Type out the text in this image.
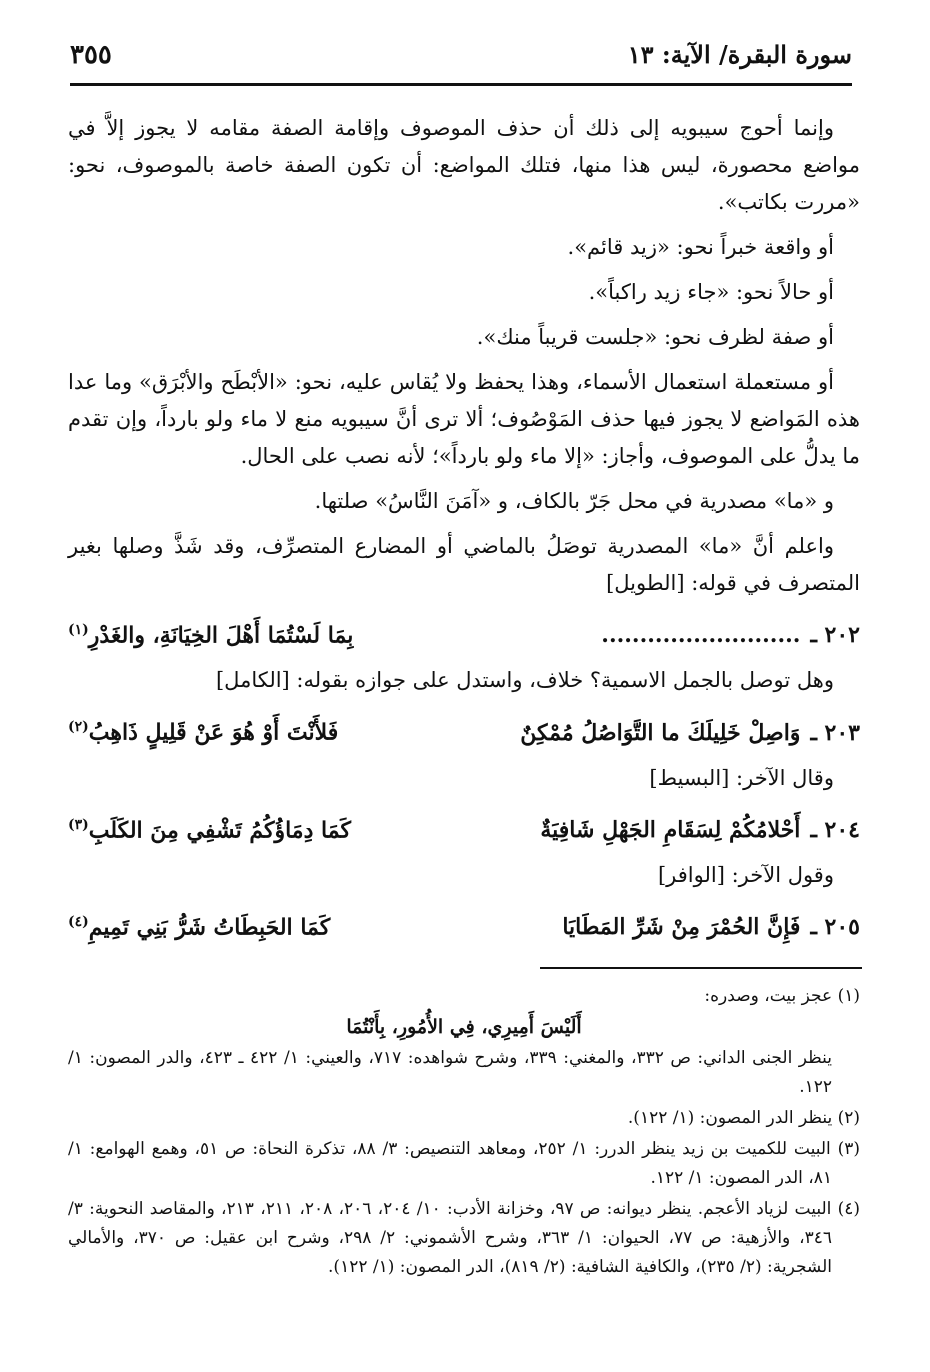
سورة البقرة/ الآية: ١٣
٣٥٥

وإنما أحوج سيبويه إلى ذلك أن حذف الموصوف وإقامة الصفة مقامه لا يجوز إلاَّ في مواضع محصورة، ليس هذا منها، فتلك المواضع: أن تكون الصفة خاصة بالموصوف، نحو: «مررت بكاتب».

أو واقعة خبراً نحو: «زيد قائم».

أو حالاً نحو: «جاء زيد راكباً».

أو صفة لظرف نحو: «جلست قريباً منك».

أو مستعملة استعمال الأسماء، وهذا يحفظ ولا يُقاس عليه، نحو: «الأبْطَح والأبْرَق» وما عدا هذه المَواضع لا يجوز فيها حذف المَوْصُوف؛ ألا ترى أنَّ سيبويه منع لا ماء ولو بارداً، وإن تقدم ما يدلُّ على الموصوف، وأجاز: «إلا ماء ولو بارداً»؛ لأنه نصب على الحال.

و «ما» مصدرية في محل جَرّ بالكاف، و «آمَنَ النَّاسُ» صلتها.

واعلم أنَّ «ما» المصدرية توصَلُ بالماضي أو المضارع المتصرِّف، وقد شَذَّ وصلها بغير المتصرف في قوله: [الطويل]

٢٠٢ ـ
..........................
بِمَا لَسْتُمَا أَهْلَ الخِيَانَةِ، والغَدْرِ$^{(١)}$

وهل توصل بالجمل الاسمية؟ خلاف، واستدل على جوازه بقوله: [الكامل]

٢٠٣ ـ
وَاصِلْ خَلِيلَكَ ما التَّوَاصُلُ مُمْكِنٌ
فَلأَنْتَ أَوْ هُوَ عَنْ قَلِيلٍ ذَاهِبُ$^{(٢)}$

وقال الآخر: [البسيط]

٢٠٤ ـ
أَحْلامُكُمْ لِسَقَامِ الجَهْلِ شَافِيَةٌ
كَمَا دِمَاؤُكُمُ تَشْفِي مِنَ الكَلَبِ$^{(٣)}$

وقول الآخر: [الوافر]

٢٠٥ ـ
فَإِنَّ الحُمْرَ مِنْ شَرِّ المَطَايَا
كَمَا الحَبِطَاتُ شَرُّ بَنِي تَمِيمِ$^{(٤)}$

(١) عجز بيت، وصدره:

أَلَيْسَ أَمِيرِي، فِي الأُمُورِ، بِأَنْتُمَا

ينظر الجنى الداني: ص ٣٣٢، والمغني: ٣٣٩، وشرح شواهده: ٧١٧، والعيني: ١/ ٤٢٢ ـ ٤٢٣، والدر المصون: ١/ ١٢٢.

(٢) ينظر الدر المصون: (١/ ١٢٢).

(٣) البيت للكميت بن زيد ينظر الدرر: ١/ ٢٥٢، ومعاهد التنصيص: ٣/ ٨٨، تذكرة النحاة: ص ٥١، وهمع الهوامع: ١/ ٨١، الدر المصون: ١/ ١٢٢.

(٤) البيت لزياد الأعجم. ينظر ديوانه: ص ٩٧، وخزانة الأدب: ١٠/ ٢٠٤، ٢٠٦، ٢٠٨، ٢١١، ٢١٣، والمقاصد النحوية: ٣/ ٣٤٦، والأزهية: ص ٧٧، الحيوان: ١/ ٣٦٣، وشرح الأشموني: ٢/ ٢٩٨، وشرح ابن عقيل: ص ٣٧٠، والأمالي الشجرية: (٢/ ٢٣٥)، والكافية الشافية: (٢/ ٨١٩)، الدر المصون: (١/ ١٢٢).
